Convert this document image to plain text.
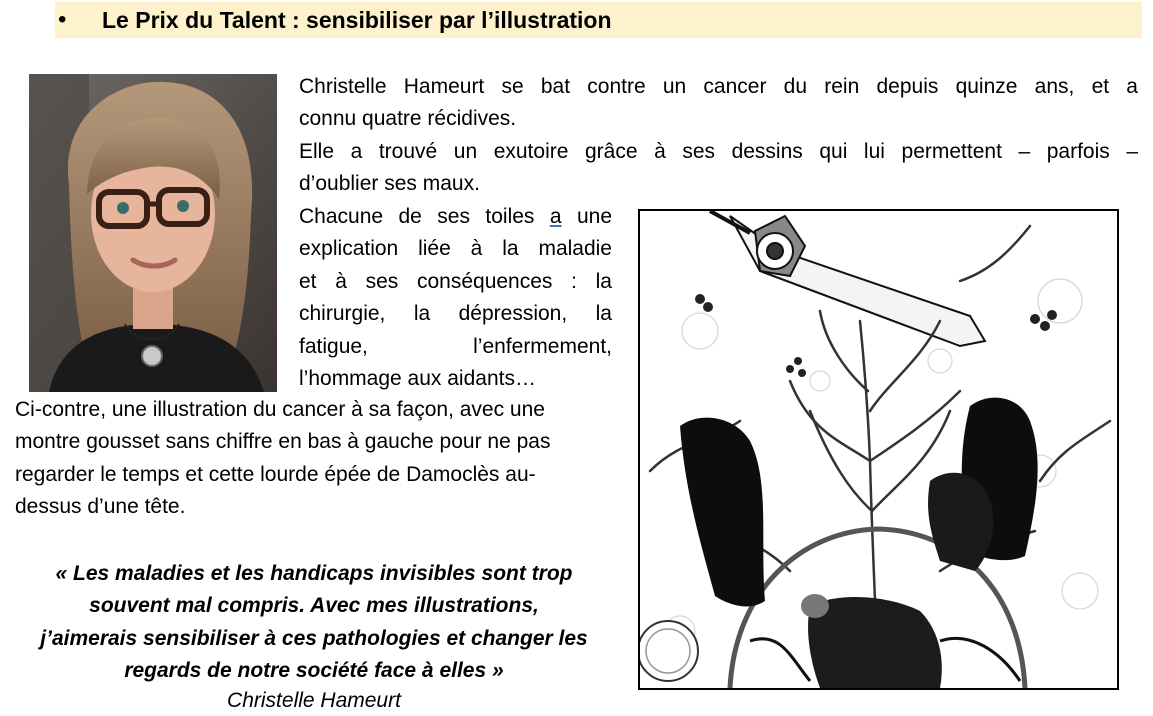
• Le Prix du Talent : sensibiliser par l’illustration
Christelle Hameurt se bat contre un cancer du rein depuis quinze ans, et a
connu quatre récidives.
Elle a trouvé un exutoire grâce à ses dessins qui lui permettent – parfois –
d’oublier ses maux.
Chacune de ses toiles a une
explication liée à la maladie
et à ses conséquences : la
chirurgie, la dépression, la
fatigue, l’enfermement,
l’hommage aux aidants…
Ci-contre, une illustration du cancer à sa façon, avec une
montre gousset sans chiffre en bas à gauche pour ne pas
regarder le temps et cette lourde épée de Damoclès au-
dessus d’une tête.
« Les maladies et les handicaps invisibles sont trop
souvent mal compris. Avec mes illustrations,
j’aimerais sensibiliser à ces pathologies et changer les
regards de notre société face à elles »
Christelle Hameurt
